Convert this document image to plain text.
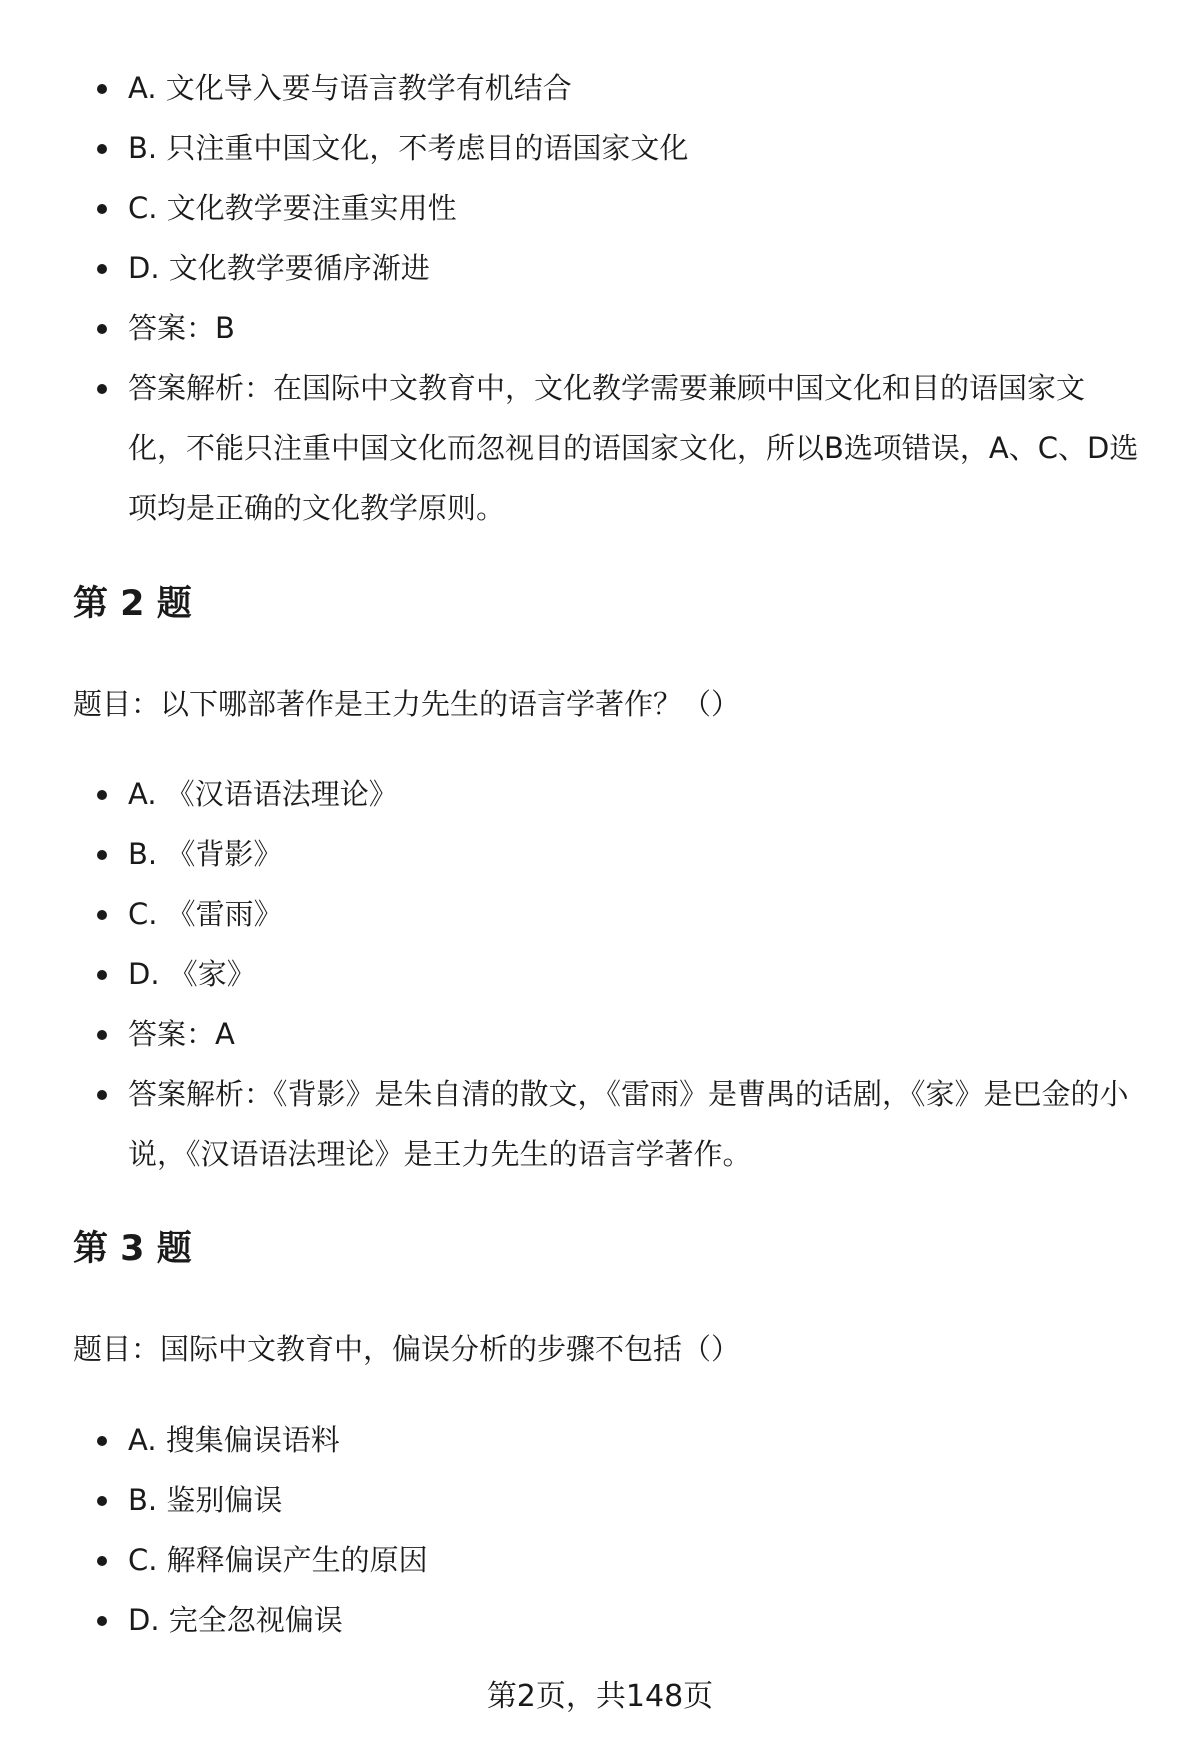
A. 文化导入要与语言教学有机结合
B. 只注重中国文化，不考虑目的语国家文化
C. 文化教学要注重实用性
D. 文化教学要循序渐进
答案：B
答案解析：在国际中文教育中，文化教学需要兼顾中国文化和目的语国家文化，不能只注重中国文化而忽视目的语国家文化，所以B选项错误，A、C、D选项均是正确的文化教学原则。
第 2 题

题目：以下哪部著作是王力先生的语言学著作？（）

A. 《汉语语法理论》
B. 《背影》
C. 《雷雨》
D. 《家》
答案：A
答案解析：《背影》是朱自清的散文，《雷雨》是曹禺的话剧，《家》是巴金的小说，《汉语语法理论》是王力先生的语言学著作。
第 3 题

题目：国际中文教育中，偏误分析的步骤不包括（）

A. 搜集偏误语料
B. 鉴别偏误
C. 解释偏误产生的原因
D. 完全忽视偏误
第2页，共148页
